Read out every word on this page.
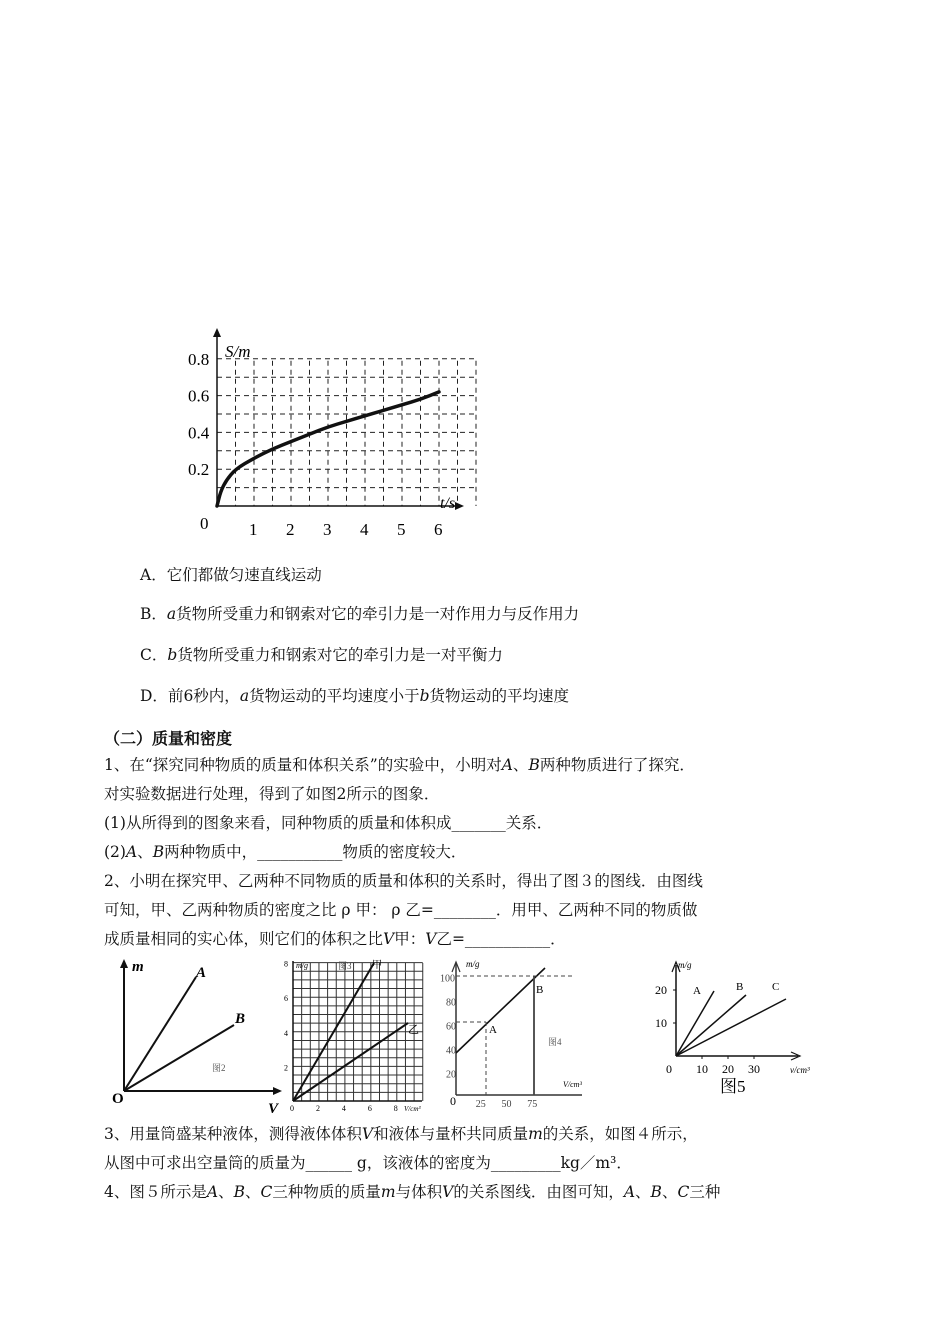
S/m
t/s
0
0.2
0.4
0.6
0.8
1 2 3 4 5 6
A．它们都做匀速直线运动
B．a货物所受重力和钢索对它的牵引力是一对作用力与反作用力
C．b货物所受重力和钢索对它的牵引力是一对平衡力
D．前6秒内，a货物运动的平均速度小于b货物运动的平均速度
（二）质量和密度
1、在“探究同种物质的质量和体积关系”的实验中，小明对A、B两种物质进行了探究．
对实验数据进行处理，得到了如图2所示的图象．
(1)从所得到的图象来看，同种物质的质量和体积成_______关系．
(2)A、B两种物质中，___________物质的密度较大．
2、小明在探究甲、乙两种不同物质的质量和体积的关系时，得出了图３的图线．由图线
可知，甲、乙两种物质的密度之比 ρ 甲： ρ 乙=________．用甲、乙两种不同的物质做
成质量相同的实心体，则它们的体积之比V甲：V乙=___________．
m
V
O
A
B
图2
m/g	图3 甲
乙
2
4
6
8
0	2	4	6	8 V/cm³
m/g
A
B
图4
V/cm³
0
20
40
60
80
100
25 50 75
m/g
A	B	C
0
10
20
10 20 30	v/cm³
图5
3、用量筒盛某种液体，测得液体体积V和液体与量杯共同质量m的关系，如图４所示，
从图中可求出空量筒的质量为______ g，该液体的密度为_________kg／m³．
4、图５所示是A、B、C三种物质的质量m与体积V的关系图线．由图可知，A、B、C三种
